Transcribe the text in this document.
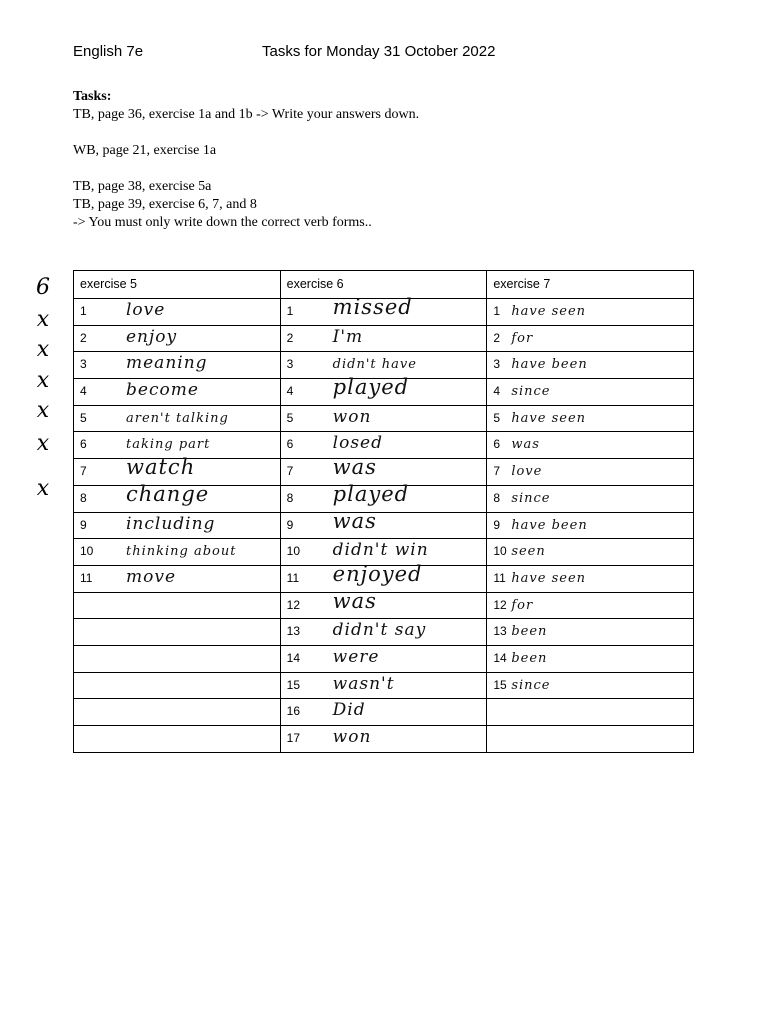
English 7e	Tasks for Monday 31 October 2022
Tasks:
TB, page 36, exercise 1a and 1b -> Write your answers down.
WB, page 21, exercise 1a
TB, page 38, exercise 5a
TB, page 39, exercise 6, 7, and 8
-> You must only write down the correct verb forms..
6
x
x
x
x
x
x
exercise 5	exercise 6	exercise 7

1 love	1 missed	1 have seen

2 enjoy	2 I'm	2 for

3 meaning	3 didn't have	3 have been

4 become	4 played	4 since

5 aren't talking	5 won	5 have seen

6 taking part	6 losed	6 was

7 watch	7 was	7 love

8 change	8 played	8 since

9 including	9 was	9 have been

10 thinking about	10 didn't win	10 seen

11 move	11 enjoyed	11 have seen

	12 was	12 for

	13 didn't say	13 been

	14 were	14 been

	15 wasn't	15 since

	16 Did	

	17 won	
